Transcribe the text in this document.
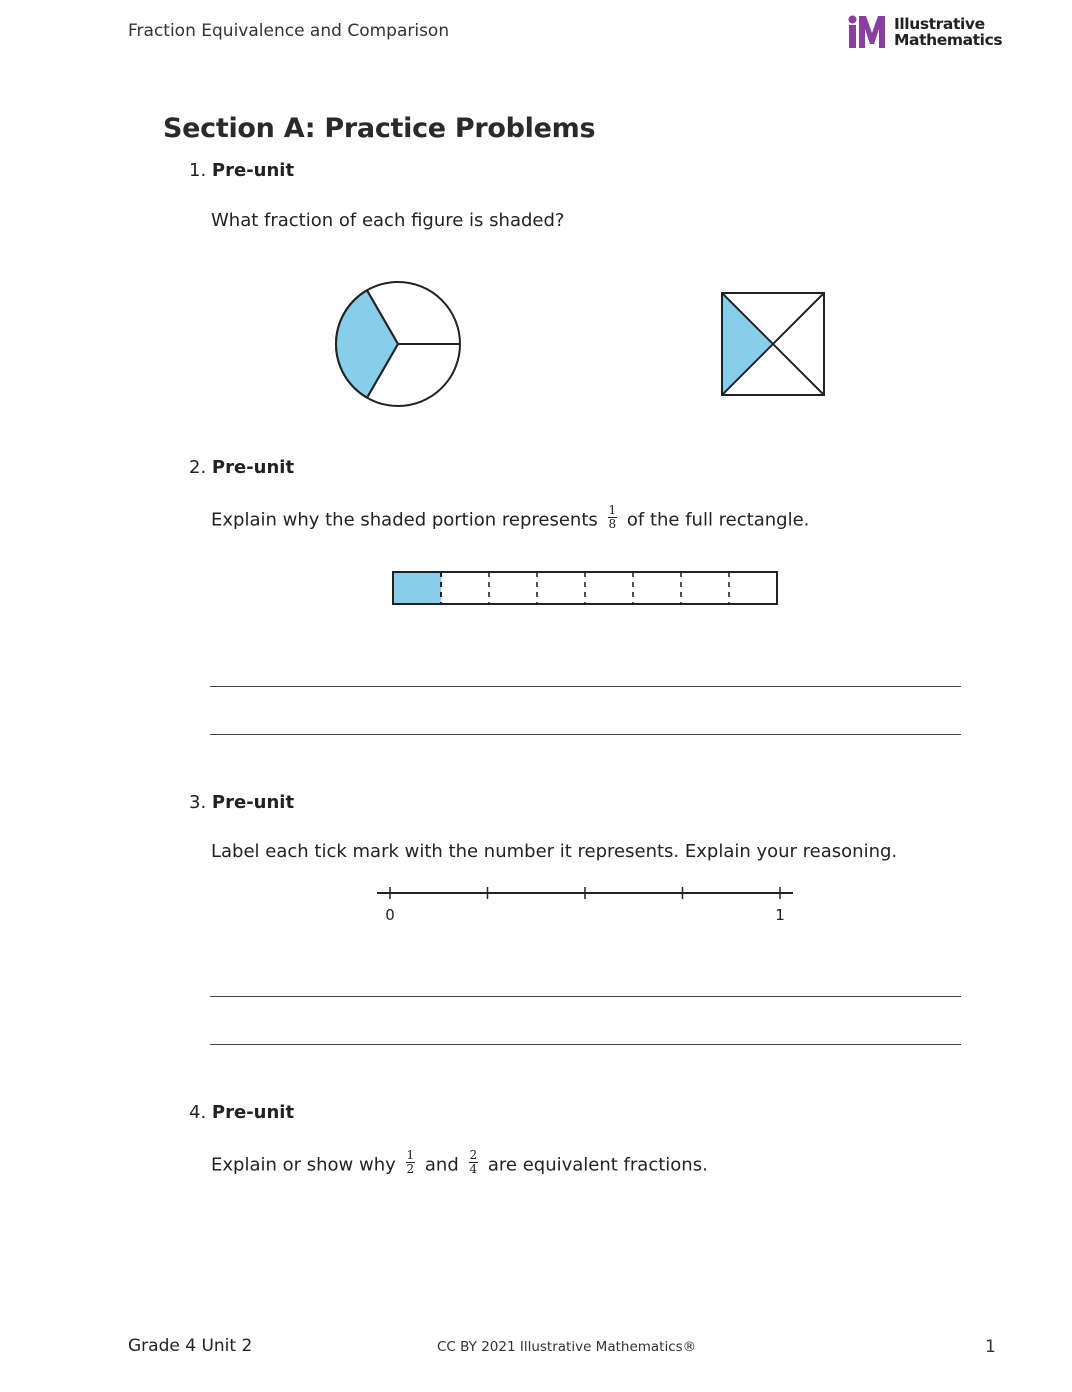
Fraction Equivalence and Comparison	Illustrative
Mathematics
Section A: Practice Problems
1. Pre-unit
What fraction of each figure is shaded?
2. Pre-unit
Explain why the shaded portion represents $\frac{1}{8}$ of the full rectangle.
3. Pre-unit
Label each tick mark with the number it represents. Explain your reasoning.
0	1
4. Pre-unit
Explain or show why $\frac{1}{2}$ and $\frac{2}{4}$ are equivalent fractions.
Grade 4 Unit 2	CC BY 2021 Illustrative Mathematics®	1
